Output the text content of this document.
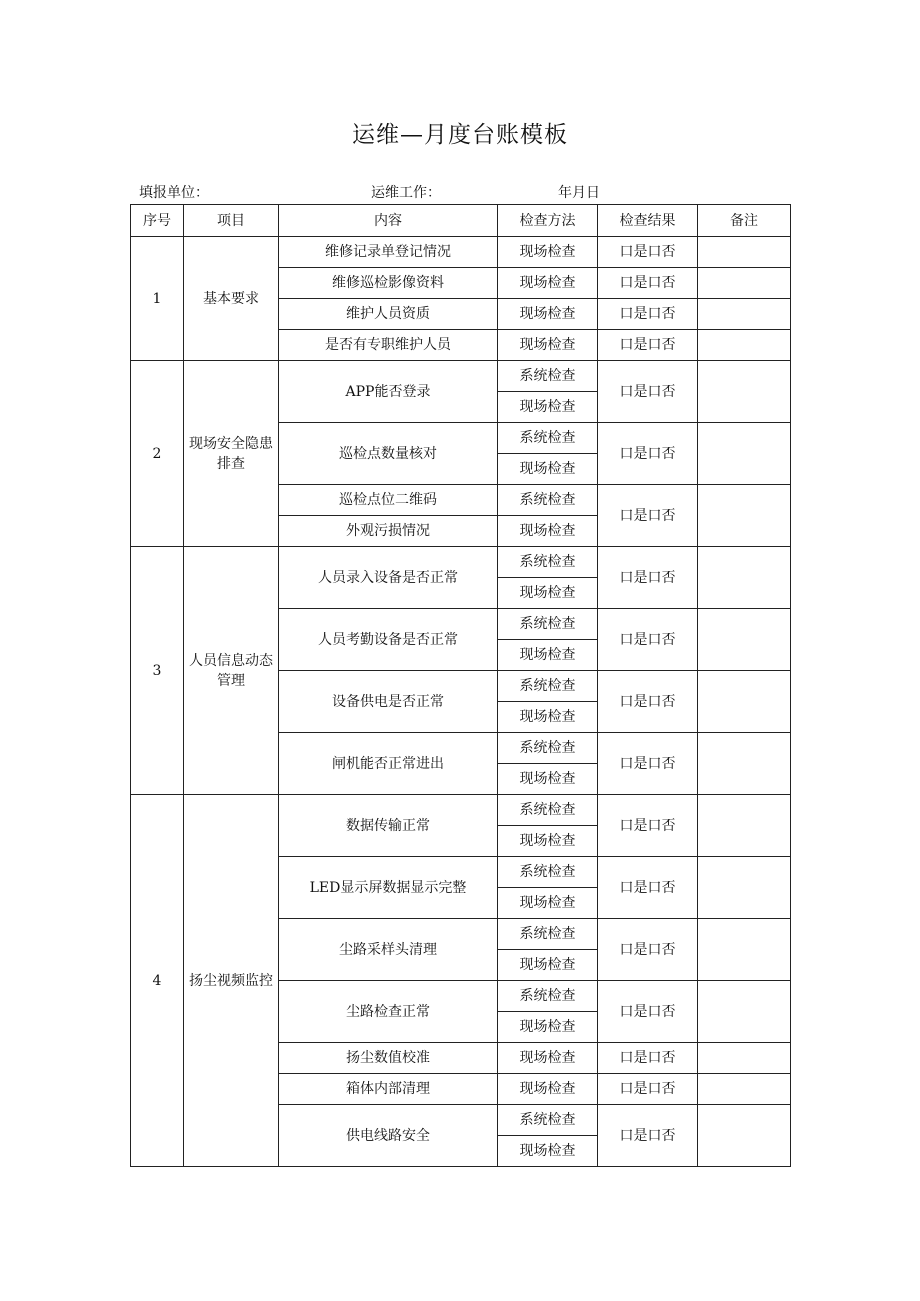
运维—月度台账模板
填报单位：	运维工作：	年月日
序号	项目	内容	检查方法	检查结果	备注
1	基本要求	维修记录单登记情况	现场检查	口是口否	
		维修巡检影像资料	现场检查	口是口否	
		维护人员资质	现场检查	口是口否	
		是否有专职维护人员	现场检查	口是口否	
2	现场安全隐患排查	APP能否登录	系统检查	口是口否	
			现场检查		
		巡检点数量核对	系统检查	口是口否	
			现场检查		
		巡检点位二维码	系统检查	口是口否	
		外观污损情况	现场检查		
3	人员信息动态管理	人员录入设备是否正常	系统检查	口是口否	
			现场检查		
		人员考勤设备是否正常	系统检查	口是口否	
			现场检查		
		设备供电是否正常	系统检查	口是口否	
			现场检查		
		闸机能否正常进出	系统检查	口是口否	
			现场检查		
4	扬尘视频监控	数据传输正常	系统检查	口是口否	
			现场检查		
		LED显示屏数据显示完整	系统检查	口是口否	
			现场检查		
		尘路采样头清理	系统检查	口是口否	
			现场检查		
		尘路检查正常	系统检查	口是口否	
			现场检查		
		扬尘数值校准	现场检查	口是口否	
		箱体内部清理	现场检查	口是口否	
		供电线路安全	系统检查	口是口否	
			现场检查		
